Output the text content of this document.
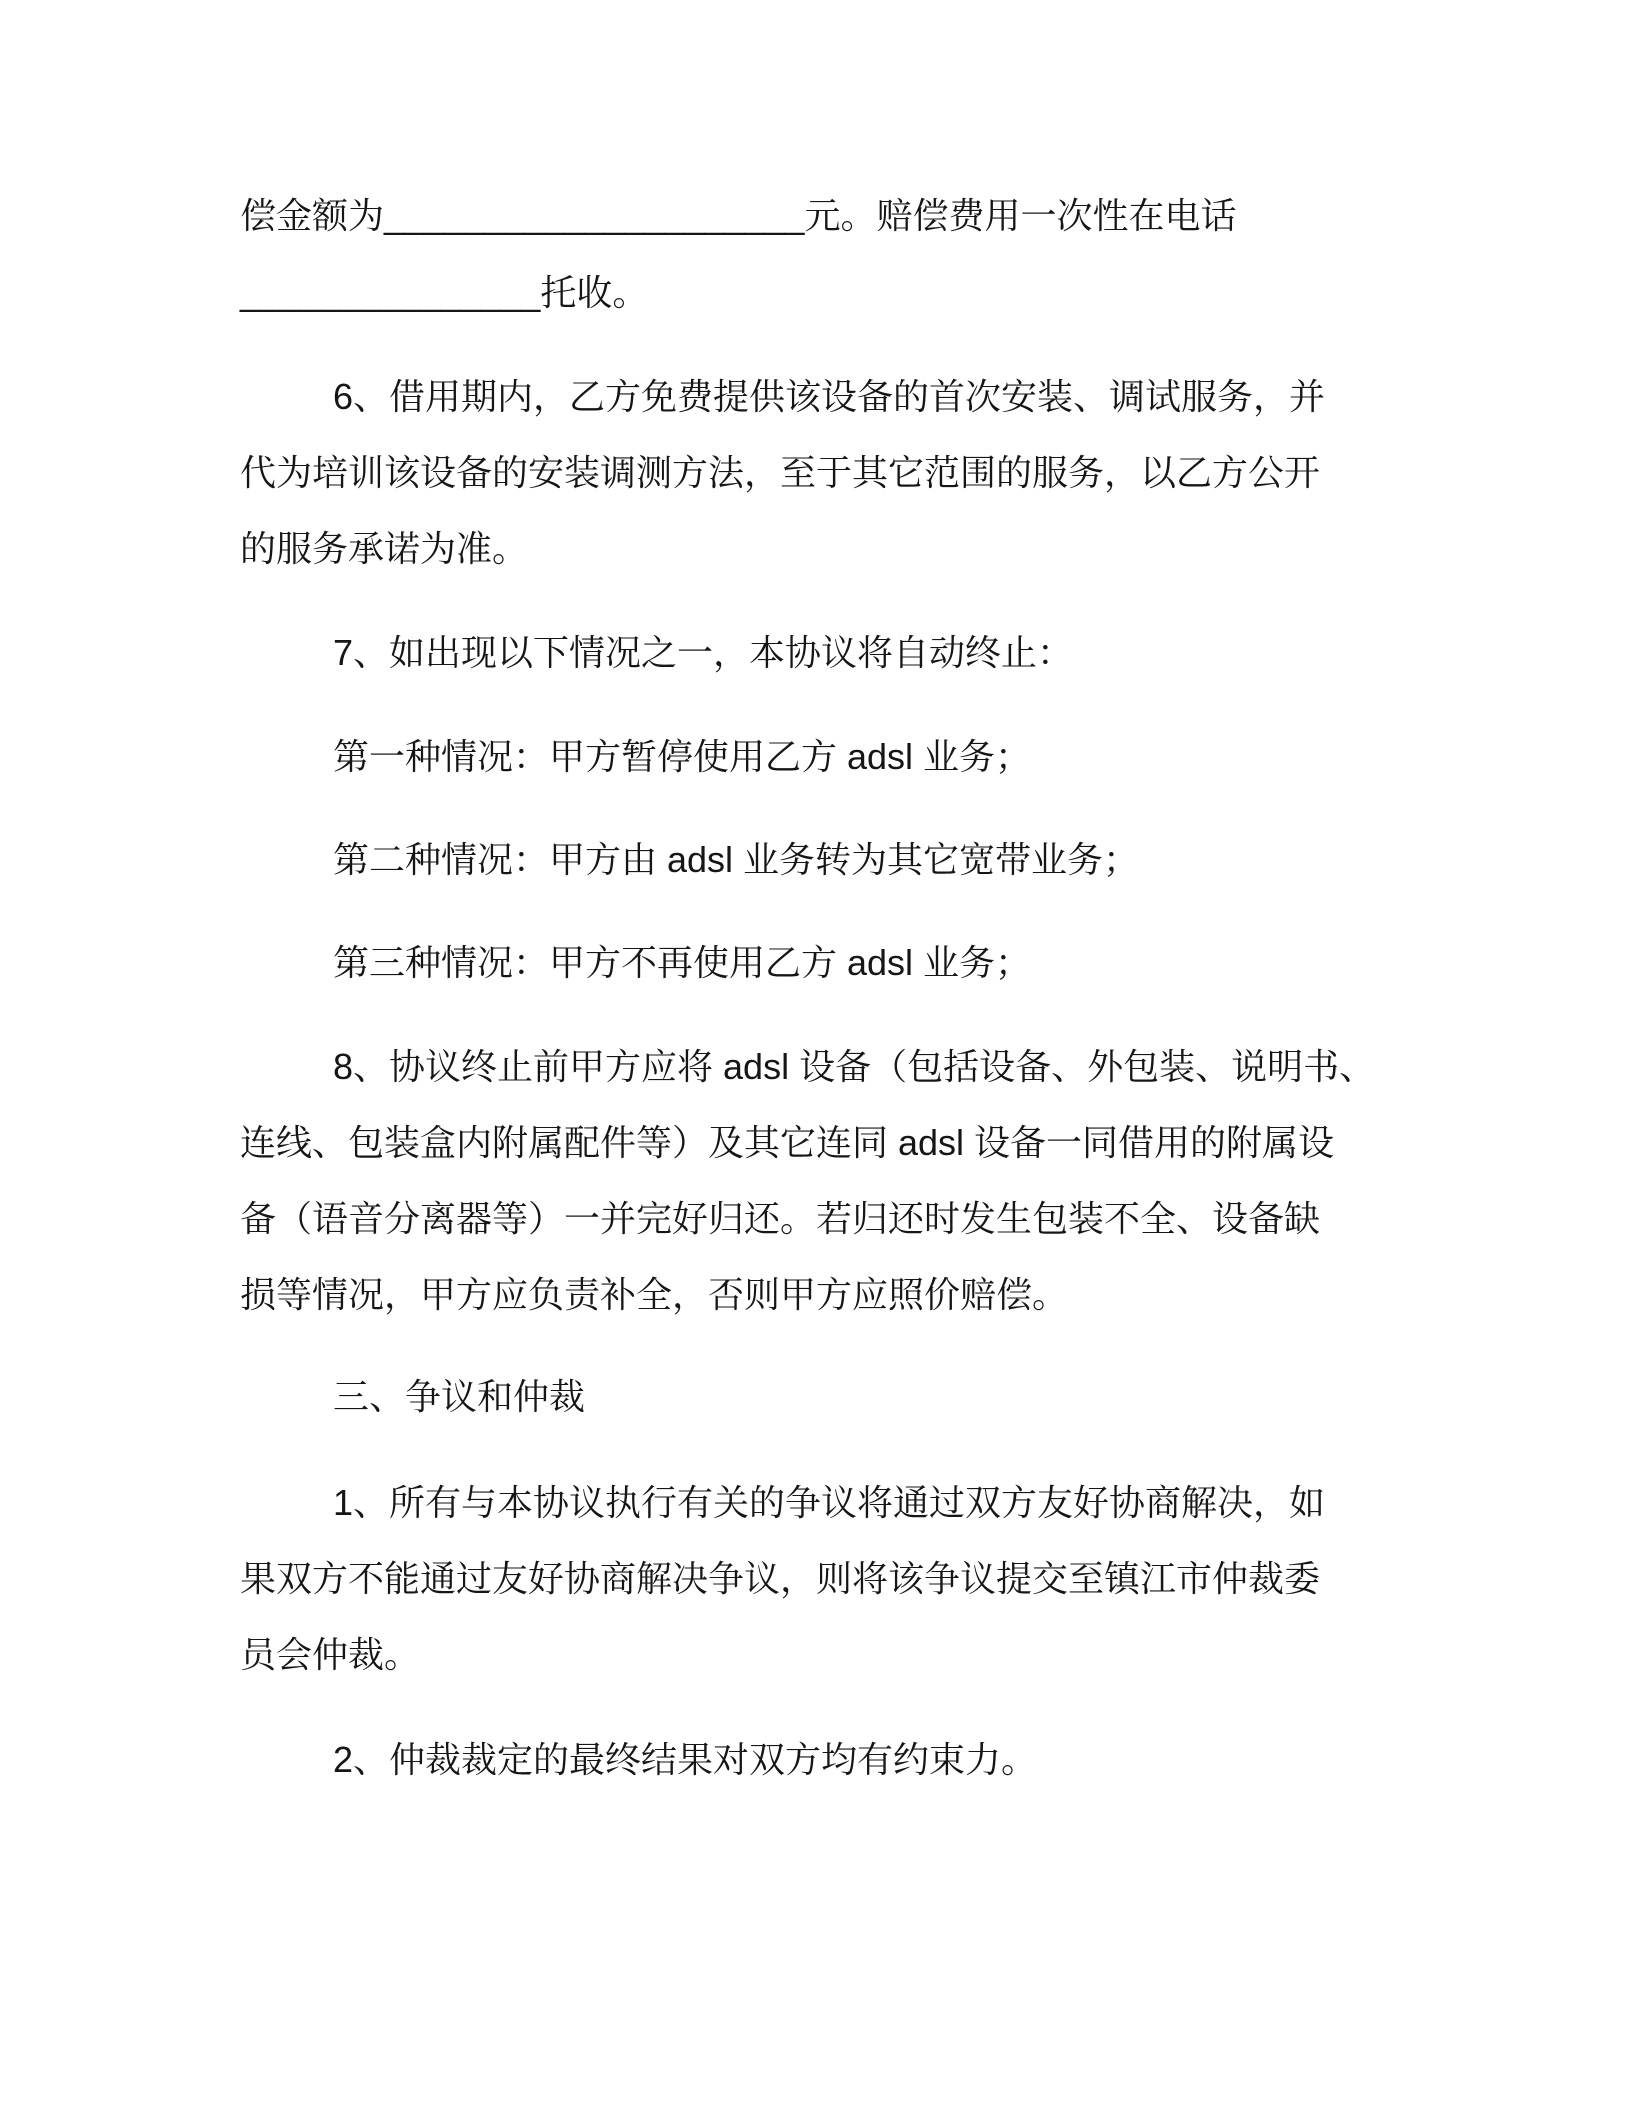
偿金额为_____________________元。赔偿费用一次性在电话
_______________托收。
6、借用期内，乙方免费提供该设备的首次安装、调试服务，并
代为培训该设备的安装调测方法，至于其它范围的服务，以乙方公开
的服务承诺为准。
7、如出现以下情况之一，本协议将自动终止：
第一种情况：甲方暂停使用乙方 adsl 业务；
第二种情况：甲方由 adsl 业务转为其它宽带业务；
第三种情况：甲方不再使用乙方 adsl 业务；
8、协议终止前甲方应将 adsl 设备（包括设备、外包装、说明书、
连线、包装盒内附属配件等）及其它连同 adsl 设备一同借用的附属设
备（语音分离器等）一并完好归还。若归还时发生包装不全、设备缺
损等情况，甲方应负责补全，否则甲方应照价赔偿。
三、争议和仲裁
1、所有与本协议执行有关的争议将通过双方友好协商解决，如
果双方不能通过友好协商解决争议，则将该争议提交至镇江市仲裁委
员会仲裁。
2、仲裁裁定的最终结果对双方均有约束力。
